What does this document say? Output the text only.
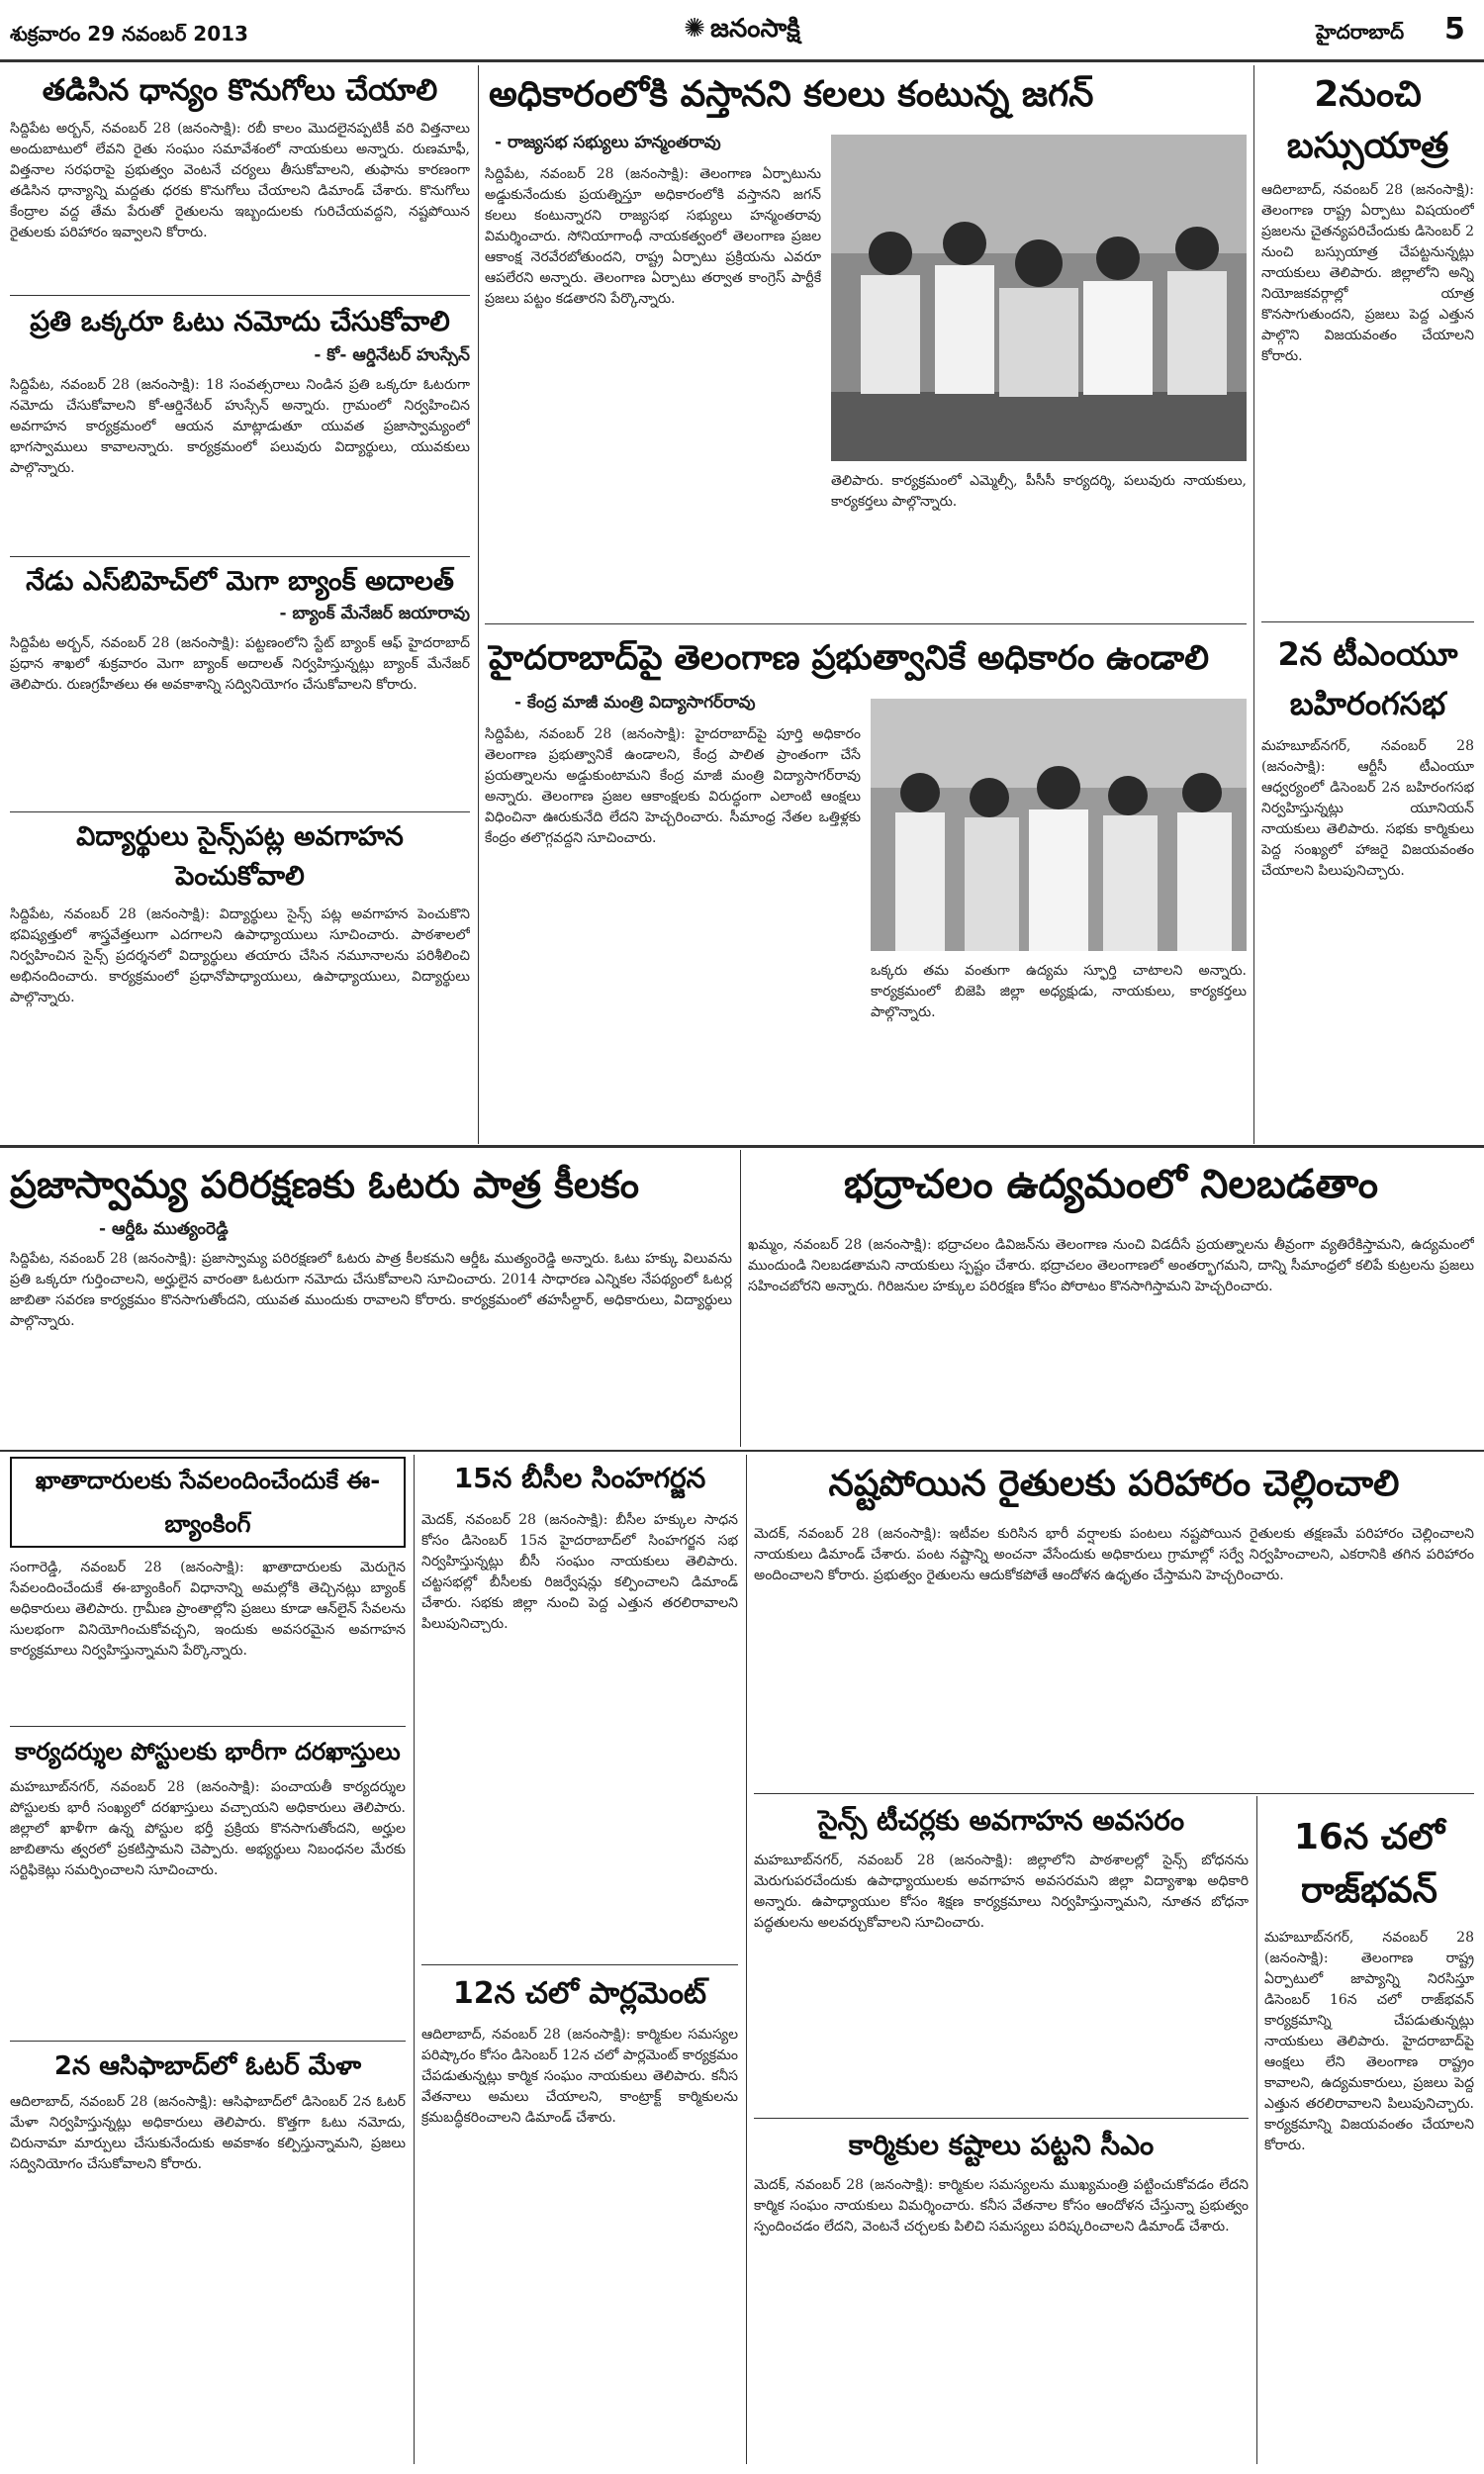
శుక్రవారం 29 నవంబర్ 2013	✺ జనంసాక్షి	హైదరాబాద్ 5
తడిసిన ధాన్యం కొనుగోలు చేయాలి
సిద్దిపేట అర్బన్, నవంబర్ 28 (జనంసాక్షి): రబీ కాలం మొదలైనప్పటికీ వరి విత్తనాలు అందుబాటులో లేవని రైతు సంఘం సమావేశంలో నాయకులు అన్నారు. రుణమాఫీ, విత్తనాల సరఫరాపై ప్రభుత్వం వెంటనే చర్యలు తీసుకోవాలని, తుఫాను కారణంగా తడిసిన ధాన్యాన్ని మద్దతు ధరకు కొనుగోలు చేయాలని డిమాండ్ చేశారు. కొనుగోలు కేంద్రాల వద్ద తేమ పేరుతో రైతులను ఇబ్బందులకు గురిచేయవద్దని, నష్టపోయిన రైతులకు పరిహారం ఇవ్వాలని కోరారు.
ప్రతి ఒక్కరూ ఓటు నమోదు చేసుకోవాలి
- కో- ఆర్డినేటర్ హుస్సేన్
సిద్దిపేట, నవంబర్ 28 (జనంసాక్షి): 18 సంవత్సరాలు నిండిన ప్రతి ఒక్కరూ ఓటరుగా నమోదు చేసుకోవాలని కో-ఆర్డినేటర్ హుస్సేన్ అన్నారు. గ్రామంలో నిర్వహించిన అవగాహన కార్యక్రమంలో ఆయన మాట్లాడుతూ యువత ప్రజాస్వామ్యంలో భాగస్వాములు కావాలన్నారు. కార్యక్రమంలో పలువురు విద్యార్థులు, యువకులు పాల్గొన్నారు.
నేడు ఎస్‌బిహెచ్‌లో మెగా బ్యాంక్ అదాలత్
- బ్యాంక్ మేనేజర్ జయారావు
సిద్దిపేట అర్బన్, నవంబర్ 28 (జనంసాక్షి): పట్టణంలోని స్టేట్ బ్యాంక్ ఆఫ్ హైదరాబాద్ ప్రధాన శాఖలో శుక్రవారం మెగా బ్యాంక్ అదాలత్ నిర్వహిస్తున్నట్లు బ్యాంక్ మేనేజర్ తెలిపారు. రుణగ్రహీతలు ఈ అవకాశాన్ని సద్వినియోగం చేసుకోవాలని కోరారు.
విద్యార్థులు సైన్స్‌పట్ల అవగాహన పెంచుకోవాలి
సిద్దిపేట, నవంబర్ 28 (జనంసాక్షి): విద్యార్థులు సైన్స్ పట్ల అవగాహన పెంచుకొని భవిష్యత్తులో శాస్త్రవేత్తలుగా ఎదగాలని ఉపాధ్యాయులు సూచించారు. పాఠశాలలో నిర్వహించిన సైన్స్ ప్రదర్శనలో విద్యార్థులు తయారు చేసిన నమూనాలను పరిశీలించి అభినందించారు. కార్యక్రమంలో ప్రధానోపాధ్యాయులు, ఉపాధ్యాయులు, విద్యార్థులు పాల్గొన్నారు.
అధికారంలోకి వస్తానని కలలు కంటున్న జగన్
- రాజ్యసభ సభ్యులు హన్మంతరావు
సిద్దిపేట, నవంబర్ 28 (జనంసాక్షి): తెలంగాణ ఏర్పాటును అడ్డుకునేందుకు ప్రయత్నిస్తూ అధికారంలోకి వస్తానని జగన్ కలలు కంటున్నారని రాజ్యసభ సభ్యులు హన్మంతరావు విమర్శించారు. సోనియాగాంధీ నాయకత్వంలో తెలంగాణ ప్రజల ఆకాంక్ష నెరవేరబోతుందని, రాష్ట్ర ఏర్పాటు ప్రక్రియను ఎవరూ ఆపలేరని అన్నారు. తెలంగాణ ఏర్పాటు తర్వాత కాంగ్రెస్ పార్టీకే ప్రజలు పట్టం కడతారని పేర్కొన్నారు.
తెలిపారు. కార్యక్రమంలో ఎమ్మెల్సీ, పీసీసీ కార్యదర్శి, పలువురు నాయకులు, కార్యకర్తలు పాల్గొన్నారు.
హైదరాబాద్‌పై తెలంగాణ ప్రభుత్వానికే అధికారం ఉండాలి
- కేంద్ర మాజీ మంత్రి విద్యాసాగర్‌రావు
సిద్దిపేట, నవంబర్ 28 (జనంసాక్షి): హైదరాబాద్‌పై పూర్తి అధికారం తెలంగాణ ప్రభుత్వానికే ఉండాలని, కేంద్ర పాలిత ప్రాంతంగా చేసే ప్రయత్నాలను అడ్డుకుంటామని కేంద్ర మాజీ మంత్రి విద్యాసాగర్‌రావు అన్నారు. తెలంగాణ ప్రజల ఆకాంక్షలకు విరుద్ధంగా ఎలాంటి ఆంక్షలు విధించినా ఊరుకునేది లేదని హెచ్చరించారు. సీమాంధ్ర నేతల ఒత్తిళ్లకు కేంద్రం తలొగ్గవద్దని సూచించారు.
ఒక్కరు తమ వంతుగా ఉద్యమ స్ఫూర్తి చాటాలని అన్నారు. కార్యక్రమంలో బిజెపి జిల్లా అధ్యక్షుడు, నాయకులు, కార్యకర్తలు పాల్గొన్నారు.
2నుంచి బస్సుయాత్ర
ఆదిలాబాద్, నవంబర్ 28 (జనంసాక్షి): తెలంగాణ రాష్ట్ర ఏర్పాటు విషయంలో ప్రజలను చైతన్యపరిచేందుకు డిసెంబర్ 2 నుంచి బస్సుయాత్ర చేపట్టనున్నట్లు నాయకులు తెలిపారు. జిల్లాలోని అన్ని నియోజకవర్గాల్లో యాత్ర కొనసాగుతుందని, ప్రజలు పెద్ద ఎత్తున పాల్గొని విజయవంతం చేయాలని కోరారు.
2న టీఎంయూ బహిరంగసభ
మహబూబ్‌నగర్, నవంబర్ 28 (జనంసాక్షి): ఆర్టీసీ టీఎంయూ ఆధ్వర్యంలో డిసెంబర్ 2న బహిరంగసభ నిర్వహిస్తున్నట్లు యూనియన్ నాయకులు తెలిపారు. సభకు కార్మికులు పెద్ద సంఖ్యలో హాజరై విజయవంతం చేయాలని పిలుపునిచ్చారు.
ప్రజాస్వామ్య పరిరక్షణకు ఓటరు పాత్ర కీలకం
- ఆర్డీఓ ముత్యంరెడ్డి
సిద్దిపేట, నవంబర్ 28 (జనంసాక్షి): ప్రజాస్వామ్య పరిరక్షణలో ఓటరు పాత్ర కీలకమని ఆర్డీఓ ముత్యంరెడ్డి అన్నారు. ఓటు హక్కు విలువను ప్రతి ఒక్కరూ గుర్తించాలని, అర్హులైన వారంతా ఓటరుగా నమోదు చేసుకోవాలని సూచించారు. 2014 సాధారణ ఎన్నికల నేపథ్యంలో ఓటర్ల జాబితా సవరణ కార్యక్రమం కొనసాగుతోందని, యువత ముందుకు రావాలని కోరారు. కార్యక్రమంలో తహసీల్దార్, అధికారులు, విద్యార్థులు పాల్గొన్నారు.
భద్రాచలం ఉద్యమంలో నిలబడతాం
ఖమ్మం, నవంబర్ 28 (జనంసాక్షి): భద్రాచలం డివిజన్‌ను తెలంగాణ నుంచి విడదీసే ప్రయత్నాలను తీవ్రంగా వ్యతిరేకిస్తామని, ఉద్యమంలో ముందుండి నిలబడతామని నాయకులు స్పష్టం చేశారు. భద్రాచలం తెలంగాణలో అంతర్భాగమని, దాన్ని సీమాంధ్రలో కలిపే కుట్రలను ప్రజలు సహించబోరని అన్నారు. గిరిజనుల హక్కుల పరిరక్షణ కోసం పోరాటం కొనసాగిస్తామని హెచ్చరించారు.
ఖాతాదారులకు సేవలందించేందుకే ఈ-బ్యాంకింగ్
సంగారెడ్డి, నవంబర్ 28 (జనంసాక్షి): ఖాతాదారులకు మెరుగైన సేవలందించేందుకే ఈ-బ్యాంకింగ్ విధానాన్ని అమల్లోకి తెచ్చినట్లు బ్యాంక్ అధికారులు తెలిపారు. గ్రామీణ ప్రాంతాల్లోని ప్రజలు కూడా ఆన్‌లైన్ సేవలను సులభంగా వినియోగించుకోవచ్చని, ఇందుకు అవసరమైన అవగాహన కార్యక్రమాలు నిర్వహిస్తున్నామని పేర్కొన్నారు.
కార్యదర్శుల పోస్టులకు భారీగా దరఖాస్తులు
మహబూబ్‌నగర్, నవంబర్ 28 (జనంసాక్షి): పంచాయతీ కార్యదర్శుల పోస్టులకు భారీ సంఖ్యలో దరఖాస్తులు వచ్చాయని అధికారులు తెలిపారు. జిల్లాలో ఖాళీగా ఉన్న పోస్టుల భర్తీ ప్రక్రియ కొనసాగుతోందని, అర్హుల జాబితాను త్వరలో ప్రకటిస్తామని చెప్పారు. అభ్యర్థులు నిబంధనల మేరకు సర్టిఫికెట్లు సమర్పించాలని సూచించారు.
2న ఆసిఫాబాద్‌లో ఓటర్ మేళా
ఆదిలాబాద్, నవంబర్ 28 (జనంసాక్షి): ఆసిఫాబాద్‌లో డిసెంబర్ 2న ఓటర్ మేళా నిర్వహిస్తున్నట్లు అధికారులు తెలిపారు. కొత్తగా ఓటు నమోదు, చిరునామా మార్పులు చేసుకునేందుకు అవకాశం కల్పిస్తున్నామని, ప్రజలు సద్వినియోగం చేసుకోవాలని కోరారు.
15న బీసీల సింహగర్జన
మెదక్, నవంబర్ 28 (జనంసాక్షి): బీసీల హక్కుల సాధన కోసం డిసెంబర్ 15న హైదరాబాద్‌లో సింహగర్జన సభ నిర్వహిస్తున్నట్లు బీసీ సంఘం నాయకులు తెలిపారు. చట్టసభల్లో బీసీలకు రిజర్వేషన్లు కల్పించాలని డిమాండ్ చేశారు. సభకు జిల్లా నుంచి పెద్ద ఎత్తున తరలిరావాలని పిలుపునిచ్చారు.
12న చలో పార్లమెంట్
ఆదిలాబాద్, నవంబర్ 28 (జనంసాక్షి): కార్మికుల సమస్యల పరిష్కారం కోసం డిసెంబర్ 12న చలో పార్లమెంట్ కార్యక్రమం చేపడుతున్నట్లు కార్మిక సంఘం నాయకులు తెలిపారు. కనీస వేతనాలు అమలు చేయాలని, కాంట్రాక్ట్ కార్మికులను క్రమబద్ధీకరించాలని డిమాండ్ చేశారు.
నష్టపోయిన రైతులకు పరిహారం చెల్లించాలి
మెదక్, నవంబర్ 28 (జనంసాక్షి): ఇటీవల కురిసిన భారీ వర్షాలకు పంటలు నష్టపోయిన రైతులకు తక్షణమే పరిహారం చెల్లించాలని నాయకులు డిమాండ్ చేశారు. పంట నష్టాన్ని అంచనా వేసేందుకు అధికారులు గ్రామాల్లో సర్వే నిర్వహించాలని, ఎకరానికి తగిన పరిహారం అందించాలని కోరారు. ప్రభుత్వం రైతులను ఆదుకోకపోతే ఆందోళన ఉధృతం చేస్తామని హెచ్చరించారు.
సైన్స్ టీచర్లకు అవగాహన అవసరం
మహబూబ్‌నగర్, నవంబర్ 28 (జనంసాక్షి): జిల్లాలోని పాఠశాలల్లో సైన్స్ బోధనను మెరుగుపరచేందుకు ఉపాధ్యాయులకు అవగాహన అవసరమని జిల్లా విద్యాశాఖ అధికారి అన్నారు. ఉపాధ్యాయుల కోసం శిక్షణ కార్యక్రమాలు నిర్వహిస్తున్నామని, నూతన బోధనా పద్ధతులను అలవర్చుకోవాలని సూచించారు.
కార్మికుల కష్టాలు పట్టని సీఎం
మెదక్, నవంబర్ 28 (జనంసాక్షి): కార్మికుల సమస్యలను ముఖ్యమంత్రి పట్టించుకోవడం లేదని కార్మిక సంఘం నాయకులు విమర్శించారు. కనీస వేతనాల కోసం ఆందోళన చేస్తున్నా ప్రభుత్వం స్పందించడం లేదని, వెంటనే చర్చలకు పిలిచి సమస్యలు పరిష్కరించాలని డిమాండ్ చేశారు.
16న చలో రాజ్‌భవన్
మహబూబ్‌నగర్, నవంబర్ 28 (జనంసాక్షి): తెలంగాణ రాష్ట్ర ఏర్పాటులో జాప్యాన్ని నిరసిస్తూ డిసెంబర్ 16న చలో రాజ్‌భవన్ కార్యక్రమాన్ని చేపడుతున్నట్లు నాయకులు తెలిపారు. హైదరాబాద్‌పై ఆంక్షలు లేని తెలంగాణ రాష్ట్రం కావాలని, ఉద్యమకారులు, ప్రజలు పెద్ద ఎత్తున తరలిరావాలని పిలుపునిచ్చారు. కార్యక్రమాన్ని విజయవంతం చేయాలని కోరారు.
